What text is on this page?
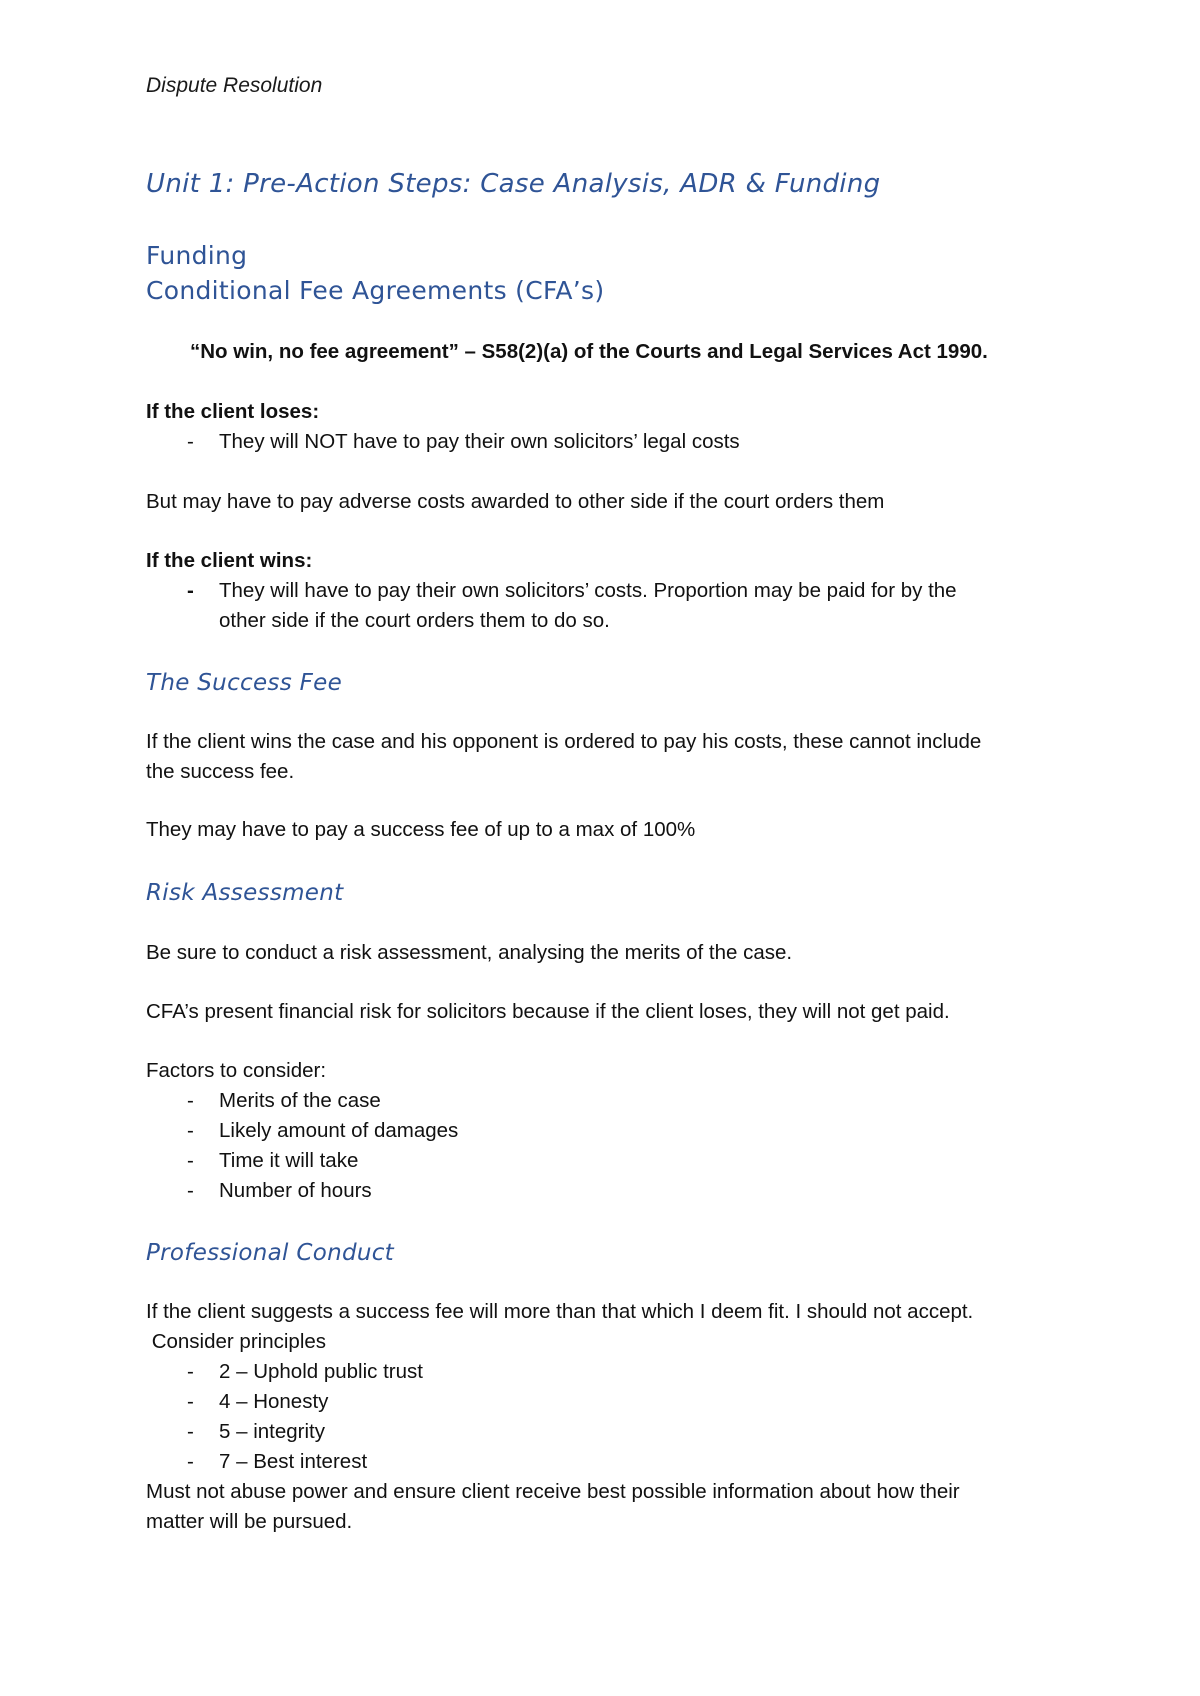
Dispute Resolution
Unit 1: Pre-Action Steps: Case Analysis, ADR & Funding
Funding
Conditional Fee Agreements (CFA’s)
“No win, no fee agreement” – S58(2)(a) of the Courts and Legal Services Act 1990.
If the client loses:
- They will NOT have to pay their own solicitors’ legal costs
But may have to pay adverse costs awarded to other side if the court orders them
If the client wins:
- They will have to pay their own solicitors’ costs. Proportion may be paid for by the
other side if the court orders them to do so.
The Success Fee
If the client wins the case and his opponent is ordered to pay his costs, these cannot include
the success fee.
They may have to pay a success fee of up to a max of 100%
Risk Assessment
Be sure to conduct a risk assessment, analysing the merits of the case.
CFA’s present financial risk for solicitors because if the client loses, they will not get paid.
Factors to consider:
- Merits of the case
- Likely amount of damages
- Time it will take
- Number of hours
Professional Conduct
If the client suggests a success fee will more than that which I deem fit. I should not accept.
Consider principles
- 2 – Uphold public trust
- 4 – Honesty
- 5 – integrity
- 7 – Best interest
Must not abuse power and ensure client receive best possible information about how their
matter will be pursued.
